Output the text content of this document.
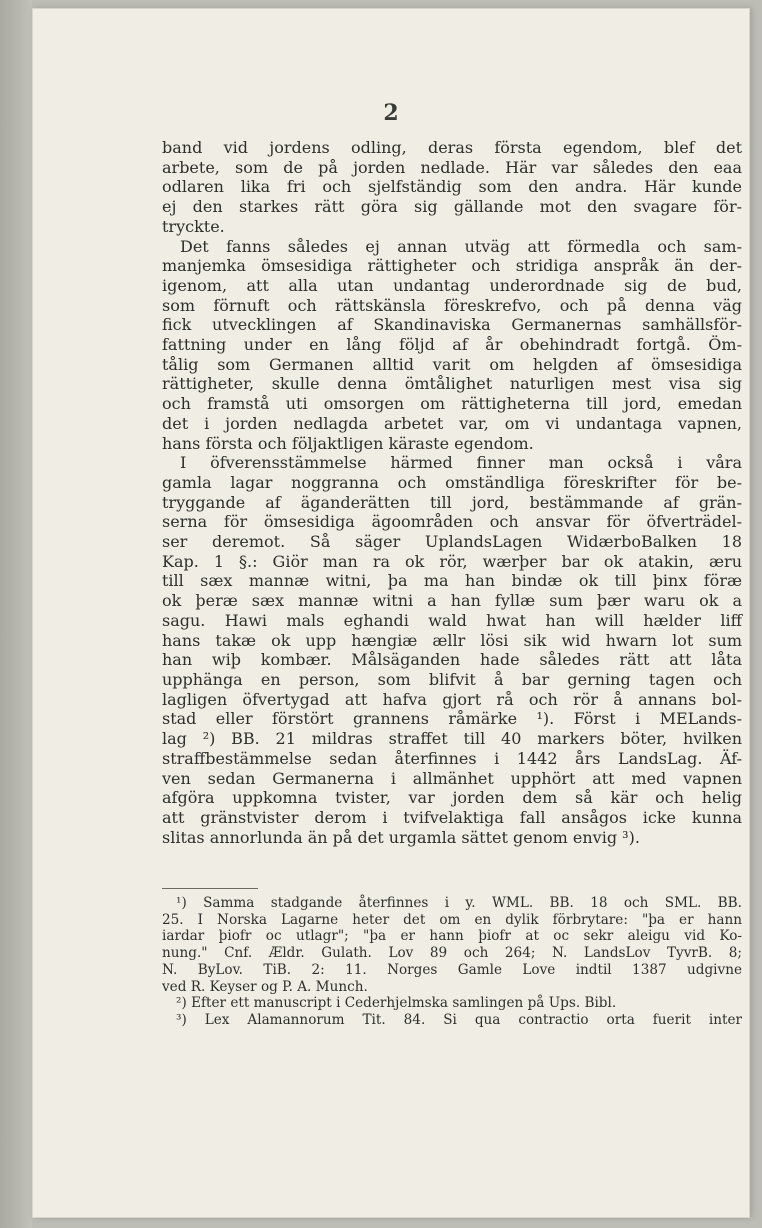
2
band vid jordens odling, deras första egendom, blef det
arbete, som de på jorden nedlade. Här var således den eaa
odlaren lika fri och sjelfständig som den andra. Här kunde
ej den starkes rätt göra sig gällande mot den svagare för-
tryckte.
Det fanns således ej annan utväg att förmedla och sam-
manjemka ömsesidiga rättigheter och stridiga anspråk än der-
igenom, att alla utan undantag underordnade sig de bud,
som förnuft och rättskänsla föreskrefvo, och på denna väg
fick utvecklingen af Skandinaviska Germanernas samhällsför-
fattning under en lång följd af år obehindradt fortgå. Öm-
tålig som Germanen alltid varit om helgden af ömsesidiga
rättigheter, skulle denna ömtålighet naturligen mest visa sig
och framstå uti omsorgen om rättigheterna till jord, emedan
det i jorden nedlagda arbetet var, om vi undantaga vapnen,
hans första och följaktligen käraste egendom.
I öfverensstämmelse härmed finner man också i våra
gamla lagar noggranna och omständliga föreskrifter för be-
tryggande af äganderätten till jord, bestämmande af grän-
serna för ömsesidiga ägoområden och ansvar för öfverträdel-
ser deremot. Så säger UplandsLagen WidærboBalken 18
Kap. 1 §.: Giör man ra ok rör, wærþer bar ok atakin, æru
till sæx mannæ witni, þa ma han bindæ ok till þinx föræ
ok þeræ sæx mannæ witni a han fyllæ sum þær waru ok a
sagu. Hawi mals eghandi wald hwat han will hælder liff
hans takæ ok upp hængiæ ællr lösi sik wid hwarn lot sum
han wiþ kombær. Målsäganden hade således rätt att låta
upphänga en person, som blifvit å bar gerning tagen och
lagligen öfvertygad att hafva gjort rå och rör å annans bol-
stad eller förstört grannens råmärke ¹). Först i MELands-
lag ²) BB. 21 mildras straffet till 40 markers böter, hvilken
straffbestämmelse sedan återfinnes i 1442 års LandsLag. Äf-
ven sedan Germanerna i allmänhet upphört att med vapnen
afgöra uppkomna tvister, var jorden dem så kär och helig
att gränstvister derom i tvifvelaktiga fall ansågos icke kunna
slitas annorlunda än på det urgamla sättet genom envig ³).
¹) Samma stadgande återfinnes i y. WML. BB. 18 och SML. BB.
25. I Norska Lagarne heter det om en dylik förbrytare: "þa er hann
iardar þiofr oc utlagr"; "þa er hann þiofr at oc sekr aleigu vid Ko-
nung." Cnf. Ældr. Gulath. Lov 89 och 264; N. LandsLov TyvrB. 8;
N. ByLov. TiB. 2: 11. Norges Gamle Love indtil 1387 udgivne
ved R. Keyser og P. A. Munch.
²) Efter ett manuscript i Cederhjelmska samlingen på Ups. Bibl.
³) Lex Alamannorum Tit. 84. Si qua contractio orta fuerit inter
